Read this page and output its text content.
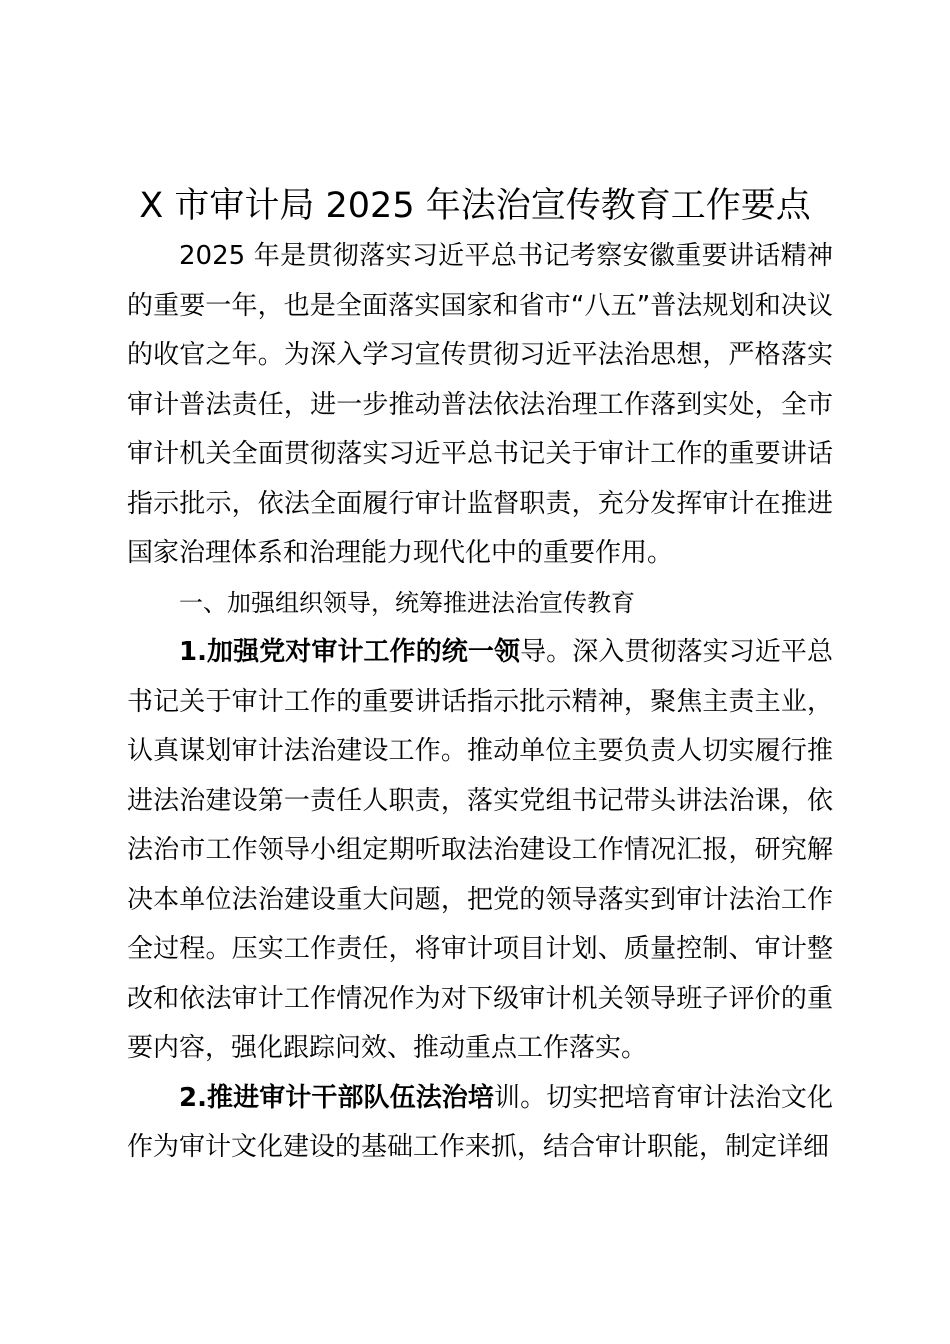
X 市审计局 2025 年法治宣传教育工作要点

2025 年是贯彻落实习近平总书记考察安徽重要讲话精神的重要一年，也是全面落实国家和省市“八五”普法规划和决议的收官之年。为深入学习宣传贯彻习近平法治思想，严格落实审计普法责任，进一步推动普法依法治理工作落到实处，全市审计机关全面贯彻落实习近平总书记关于审计工作的重要讲话指示批示，依法全面履行审计监督职责，充分发挥审计在推进国家治理体系和治理能力现代化中的重要作用。

一、加强组织领导，统筹推进法治宣传教育

1.加强党对审计工作的统一领导。深入贯彻落实习近平总书记关于审计工作的重要讲话指示批示精神，聚焦主责主业，认真谋划审计法治建设工作。推动单位主要负责人切实履行推进法治建设第一责任人职责，落实党组书记带头讲法治课，依法治市工作领导小组定期听取法治建设工作情况汇报，研究解决本单位法治建设重大问题，把党的领导落实到审计法治工作全过程。压实工作责任，将审计项目计划、质量控制、审计整改和依法审计工作情况作为对下级审计机关领导班子评价的重要内容，强化跟踪问效、推动重点工作落实。

2.推进审计干部队伍法治培训。切实把培育审计法治文化作为审计文化建设的基础工作来抓，结合审计职能，制定详细
